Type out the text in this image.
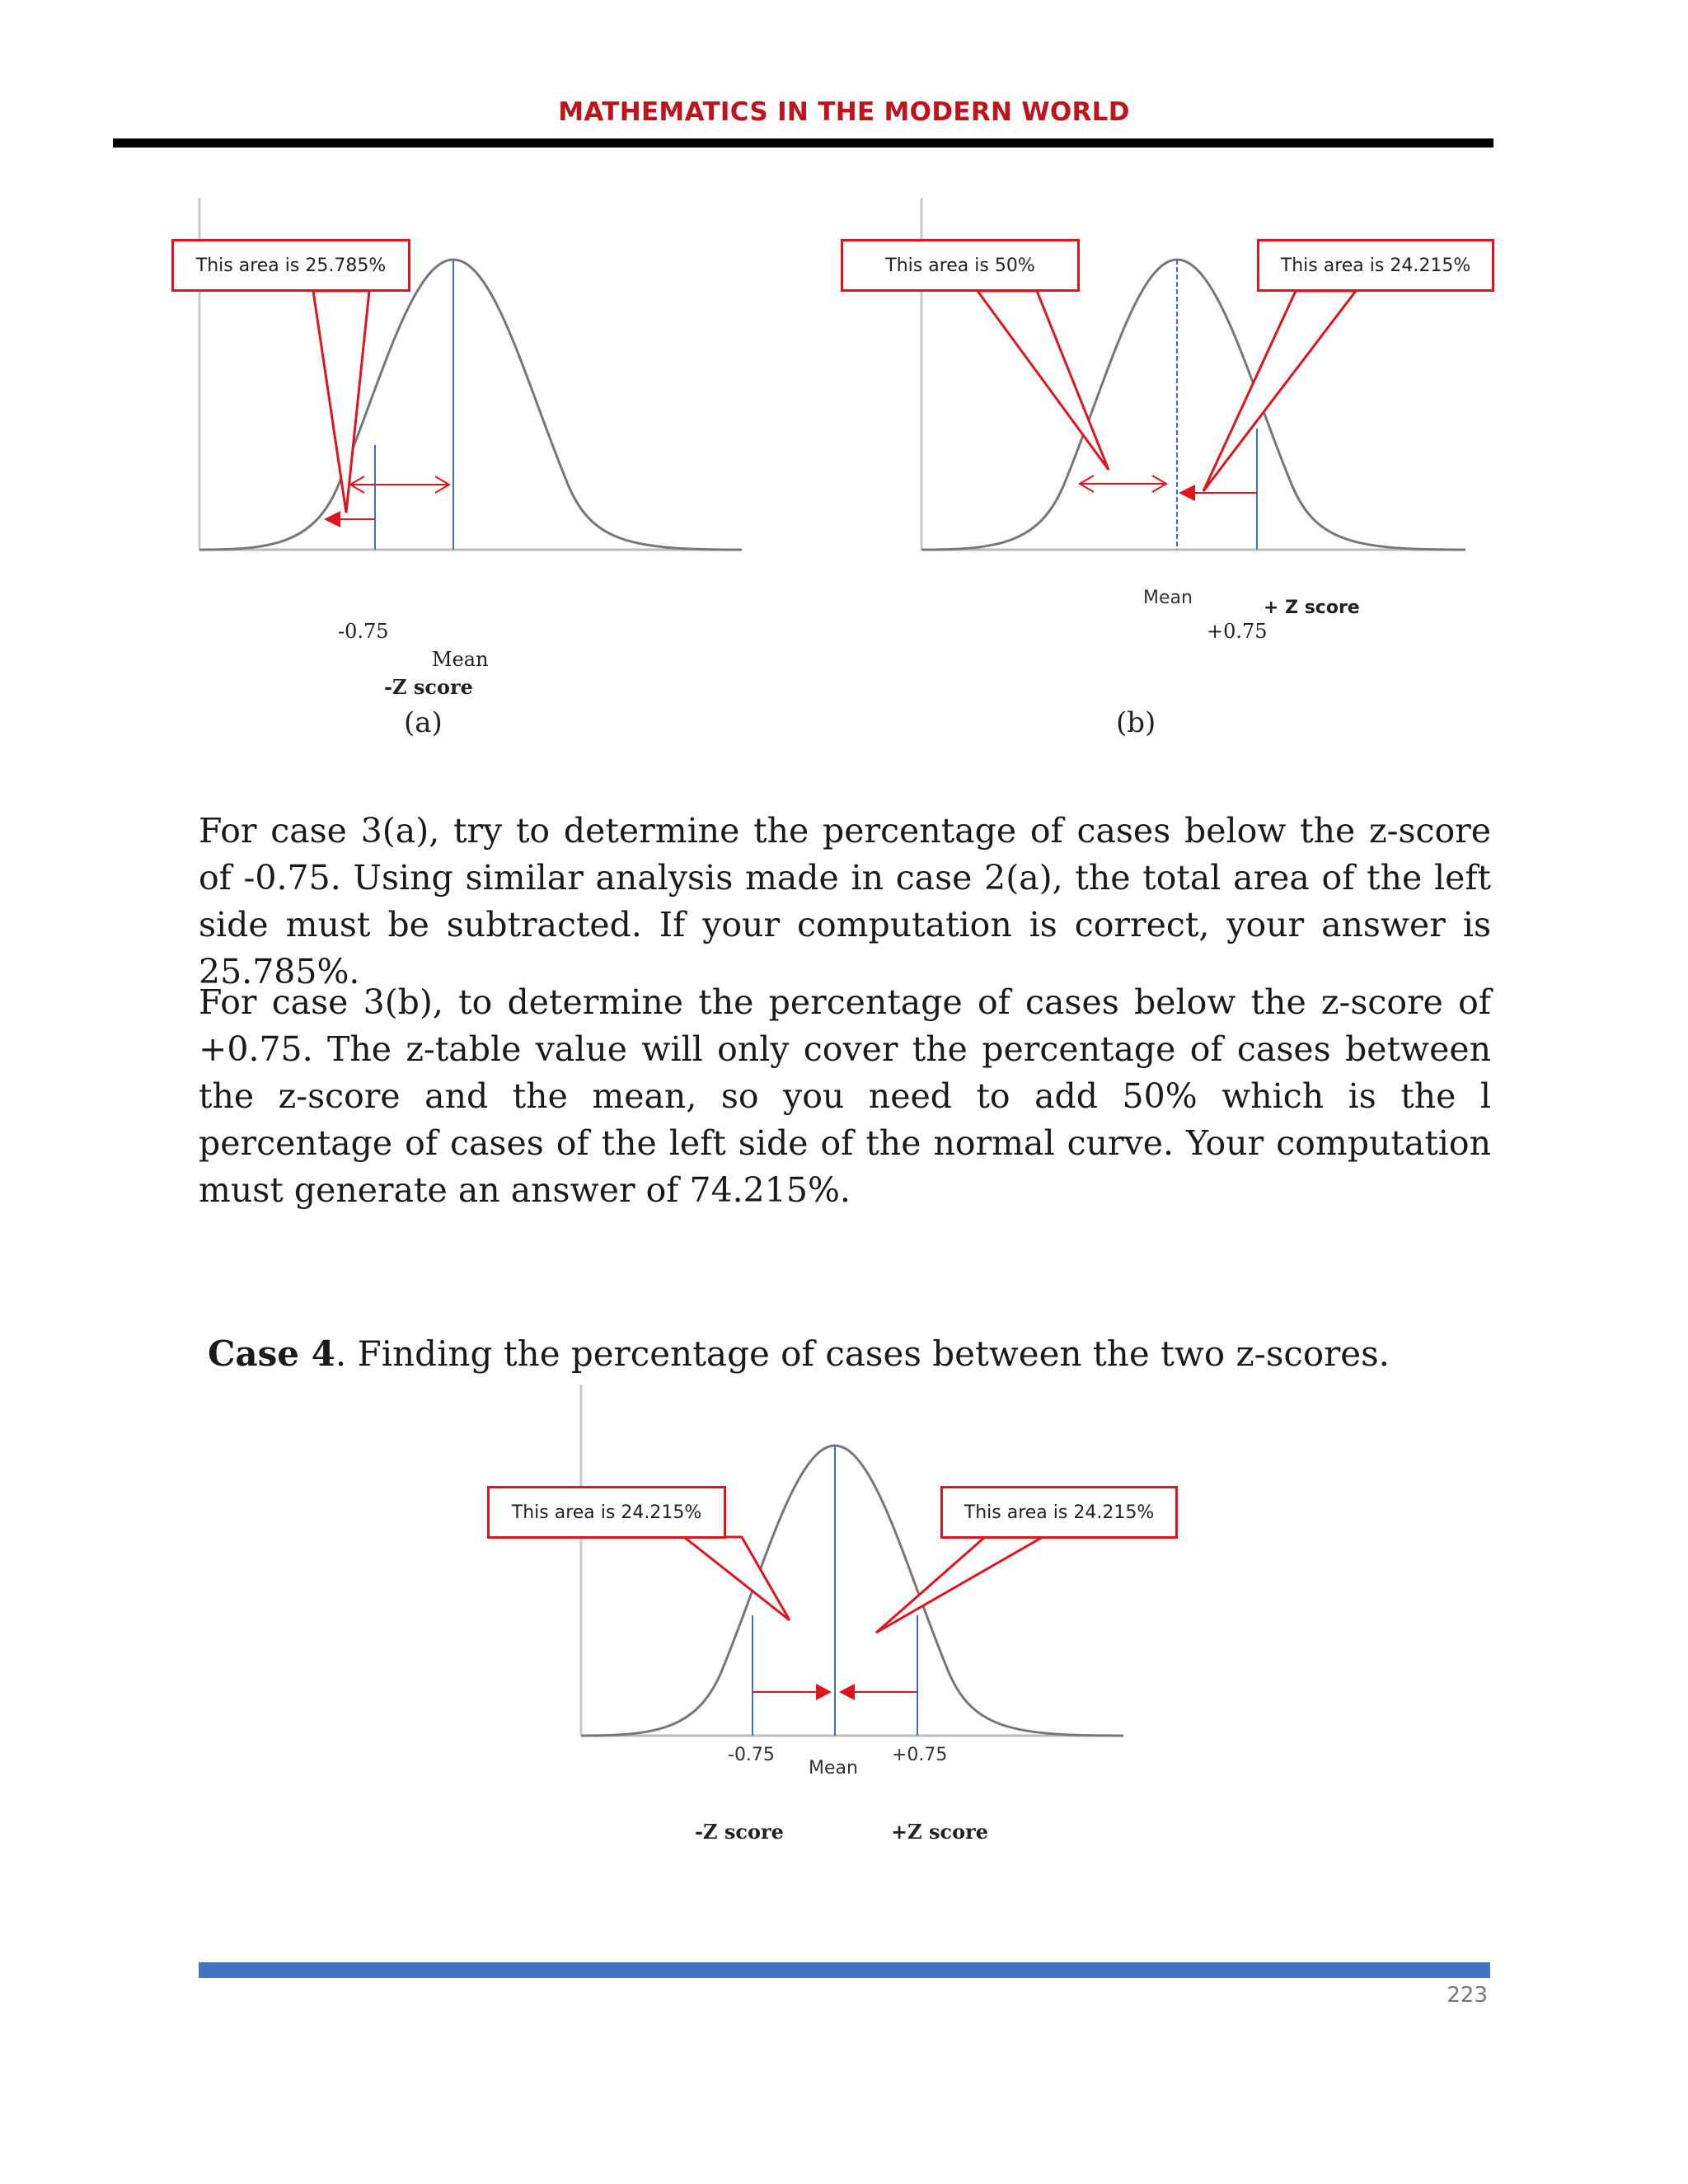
MATHEMATICS IN THE MODERN WORLD
This area is 25.785%
-0.75
Mean
-Z score
(a)
This area is 50%	This area is 24.215%
Mean	+ Z score
+0.75
(b)

For case 3(a), try to determine the percentage of cases below the z-score of -0.75. Using similar analysis made in case 2(a), the total area of the left side must be subtracted. If your computation is correct, your answer is 25.785%.

For case 3(b), to determine the percentage of cases below the z-score of +0.75. The z-table value will only cover the percentage of cases between the z-score and the mean, so you need to add 50% which is the l percentage of cases of the left side of the normal curve. Your computation must generate an answer of 74.215%.

Case 4. Finding the percentage of cases between the two z-scores.
This area is 24.215%	This area is 24.215%
-0.75	+0.75
Mean
-Z score	+Z score
223
